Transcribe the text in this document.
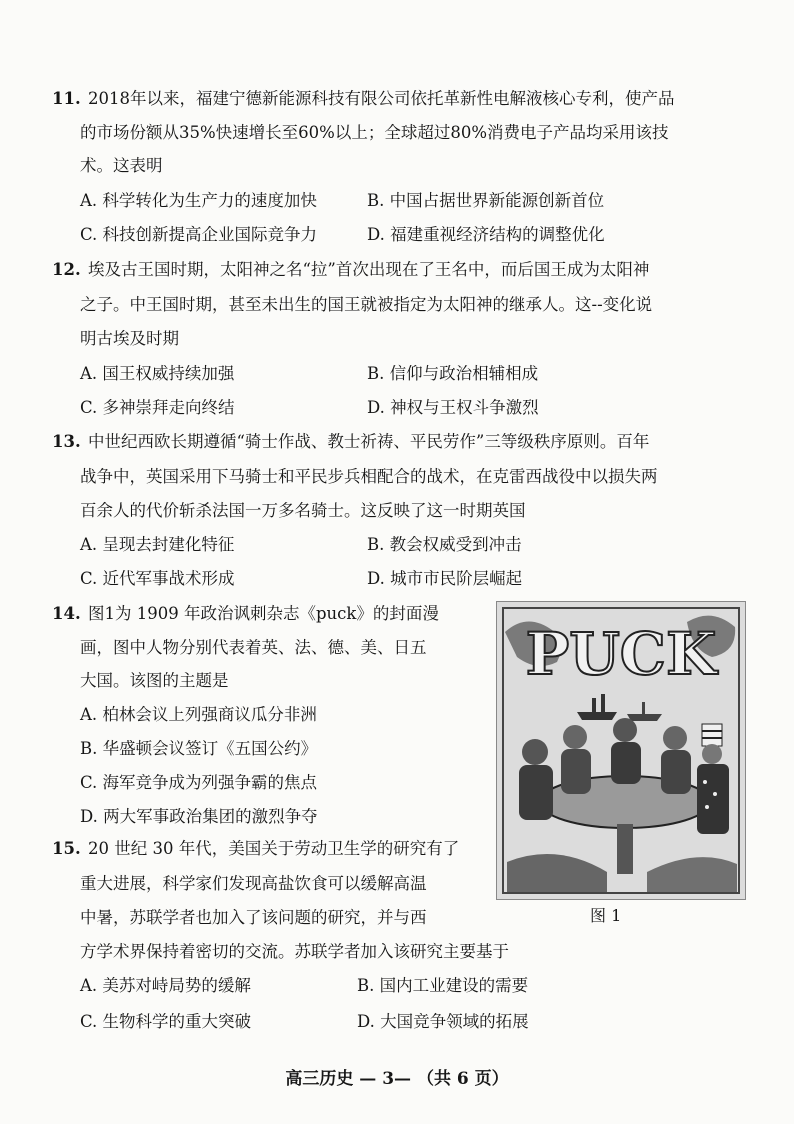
11. 2018年以来，福建宁德新能源科技有限公司依托革新性电解液核心专利，使产品
的市场份额从35%快速增长至60%以上；全球超过80%消费电子产品均采用该技
术。这表明
A. 科学转化为生产力的速度加快	B. 中国占据世界新能源创新首位
C. 科技创新提高企业国际竞争力	D. 福建重视经济结构的调整优化
12. 埃及古王国时期，太阳神之名“拉”首次出现在了王名中，而后国王成为太阳神
之子。中王国时期，甚至未出生的国王就被指定为太阳神的继承人。这--变化说
明古埃及时期
A. 国王权威持续加强	B. 信仰与政治相辅相成
C. 多神崇拜走向终结	D. 神权与王权斗争激烈
13. 中世纪西欧长期遵循“骑士作战、教士祈祷、平民劳作”三等级秩序原则。百年
战争中，英国采用下马骑士和平民步兵相配合的战术，在克雷西战役中以损失两
百余人的代价斩杀法国一万多名骑士。这反映了这一时期英国
A. 呈现去封建化特征	B. 教会权威受到冲击
C. 近代军事战术形成	D. 城市市民阶层崛起
14. 图1为 1909 年政治讽刺杂志《puck》的封面漫
画，图中人物分别代表着英、法、德、美、日五
大国。该图的主题是
A. 柏林会议上列强商议瓜分非洲
B. 华盛顿会议签订《五国公约》
C. 海军竞争成为列强争霸的焦点
D. 两大军事政治集团的激烈争夺
PUCK
图 1
15. 20 世纪 30 年代，美国关于劳动卫生学的研究有了
重大进展，科学家们发现高盐饮食可以缓解高温
中暑，苏联学者也加入了该问题的研究，并与西
方学术界保持着密切的交流。苏联学者加入该研究主要基于
A. 美苏对峙局势的缓解	B. 国内工业建设的需要
C. 生物科学的重大突破	D. 大国竞争领域的拓展
高三历史 — 3— （共 6 页）
